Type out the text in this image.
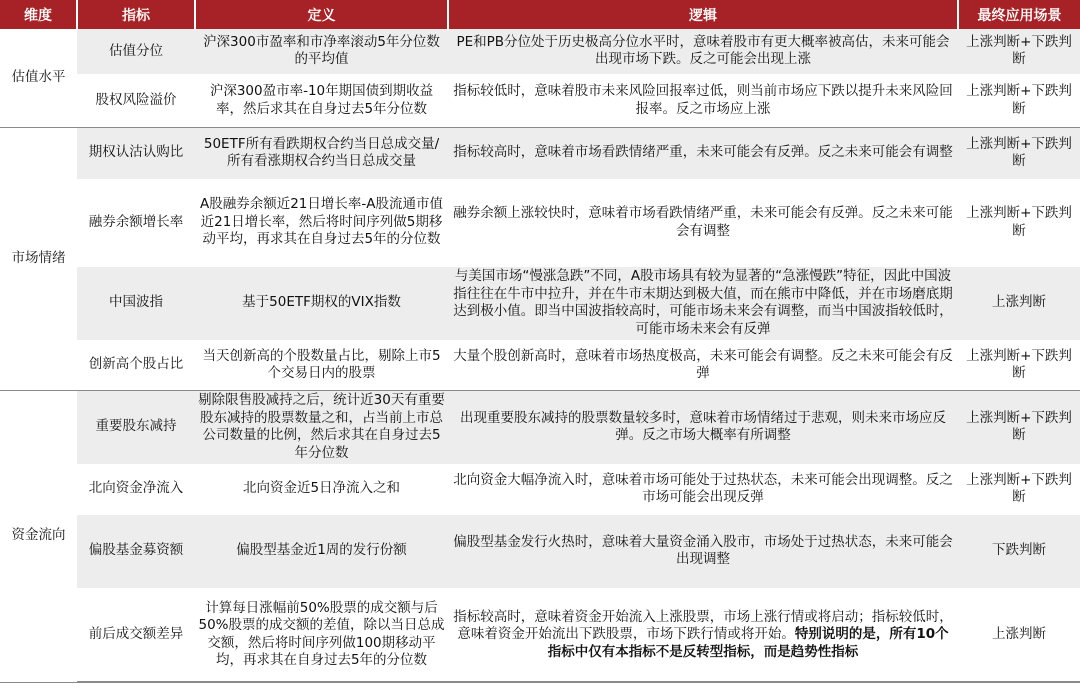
维度	指标	定义	逻辑	最终应用场景
估值水平	估值分位	沪深300市盈率和市净率滚动5年分位数的平均值	PE和PB分位处于历史极高分位水平时，意味着股市有更大概率被高估，未来可能会出现市场下跌。反之可能会出现上涨	上涨判断+下跌判断
	股权风险溢价	沪深300盈市率-10年期国债到期收益率，然后求其在自身过去5年分位数	指标较低时，意味着股市未来风险回报率过低，则当前市场应下跌以提升未来风险回报率。反之市场应上涨	上涨判断+下跌判断
市场情绪	期权认沽认购比	50ETF所有看跌期权合约当日总成交量/所有看涨期权合约当日总成交量	指标较高时，意味着市场看跌情绪严重，未来可能会有反弹。反之未来可能会有调整	上涨判断+下跌判断
	融券余额增长率	A股融券余额近21日增长率-A股流通市值近21日增长率，然后将时间序列做5期移动平均，再求其在自身过去5年的分位数	融券余额上涨较快时，意味着市场看跌情绪严重，未来可能会有反弹。反之未来可能会有调整	上涨判断+下跌判断
	中国波指	基于50ETF期权的VIX指数	与美国市场“慢涨急跌”不同，A股市场具有较为显著的“急涨慢跌”特征，因此中国波指往往在牛市中拉升，并在牛市末期达到极大值，而在熊市中降低，并在市场磨底期达到极小值。即当中国波指较高时，可能市场未来会有调整，而当中国波指较低时，可能市场未来会有反弹	上涨判断
	创新高个股占比	当天创新高的个股数量占比，剔除上市5个交易日内的股票	大量个股创新高时，意味着市场热度极高，未来可能会有调整。反之未来可能会有反弹	上涨判断+下跌判断
资金流向	重要股东减持	剔除限售股减持之后，统计近30天有重要股东减持的股票数量之和，占当前上市总公司数量的比例，然后求其在自身过去5年分位数	出现重要股东减持的股票数量较多时，意味着市场情绪过于悲观，则未来市场应反弹。反之市场大概率有所调整	上涨判断+下跌判断
	北向资金净流入	北向资金近5日净流入之和	北向资金大幅净流入时，意味着市场可能处于过热状态，未来可能会出现调整。反之市场可能会出现反弹	上涨判断+下跌判断
	偏股基金募资额	偏股型基金近1周的发行份额	偏股型基金发行火热时，意味着大量资金涌入股市，市场处于过热状态，未来可能会出现调整	下跌判断
	前后成交额差异	计算每日涨幅前50%股票的成交额与后50%股票的成交额的差值，除以当日总成交额，然后将时间序列做100期移动平均，再求其在自身过去5年的分位数	指标较高时，意味着资金开始流入上涨股票，市场上涨行情或将启动；指标较低时，意味着资金开始流出下跌股票，市场下跌行情或将开始。特别说明的是，所有10个指标中仅有本指标不是反转型指标，而是趋势性指标	上涨判断
